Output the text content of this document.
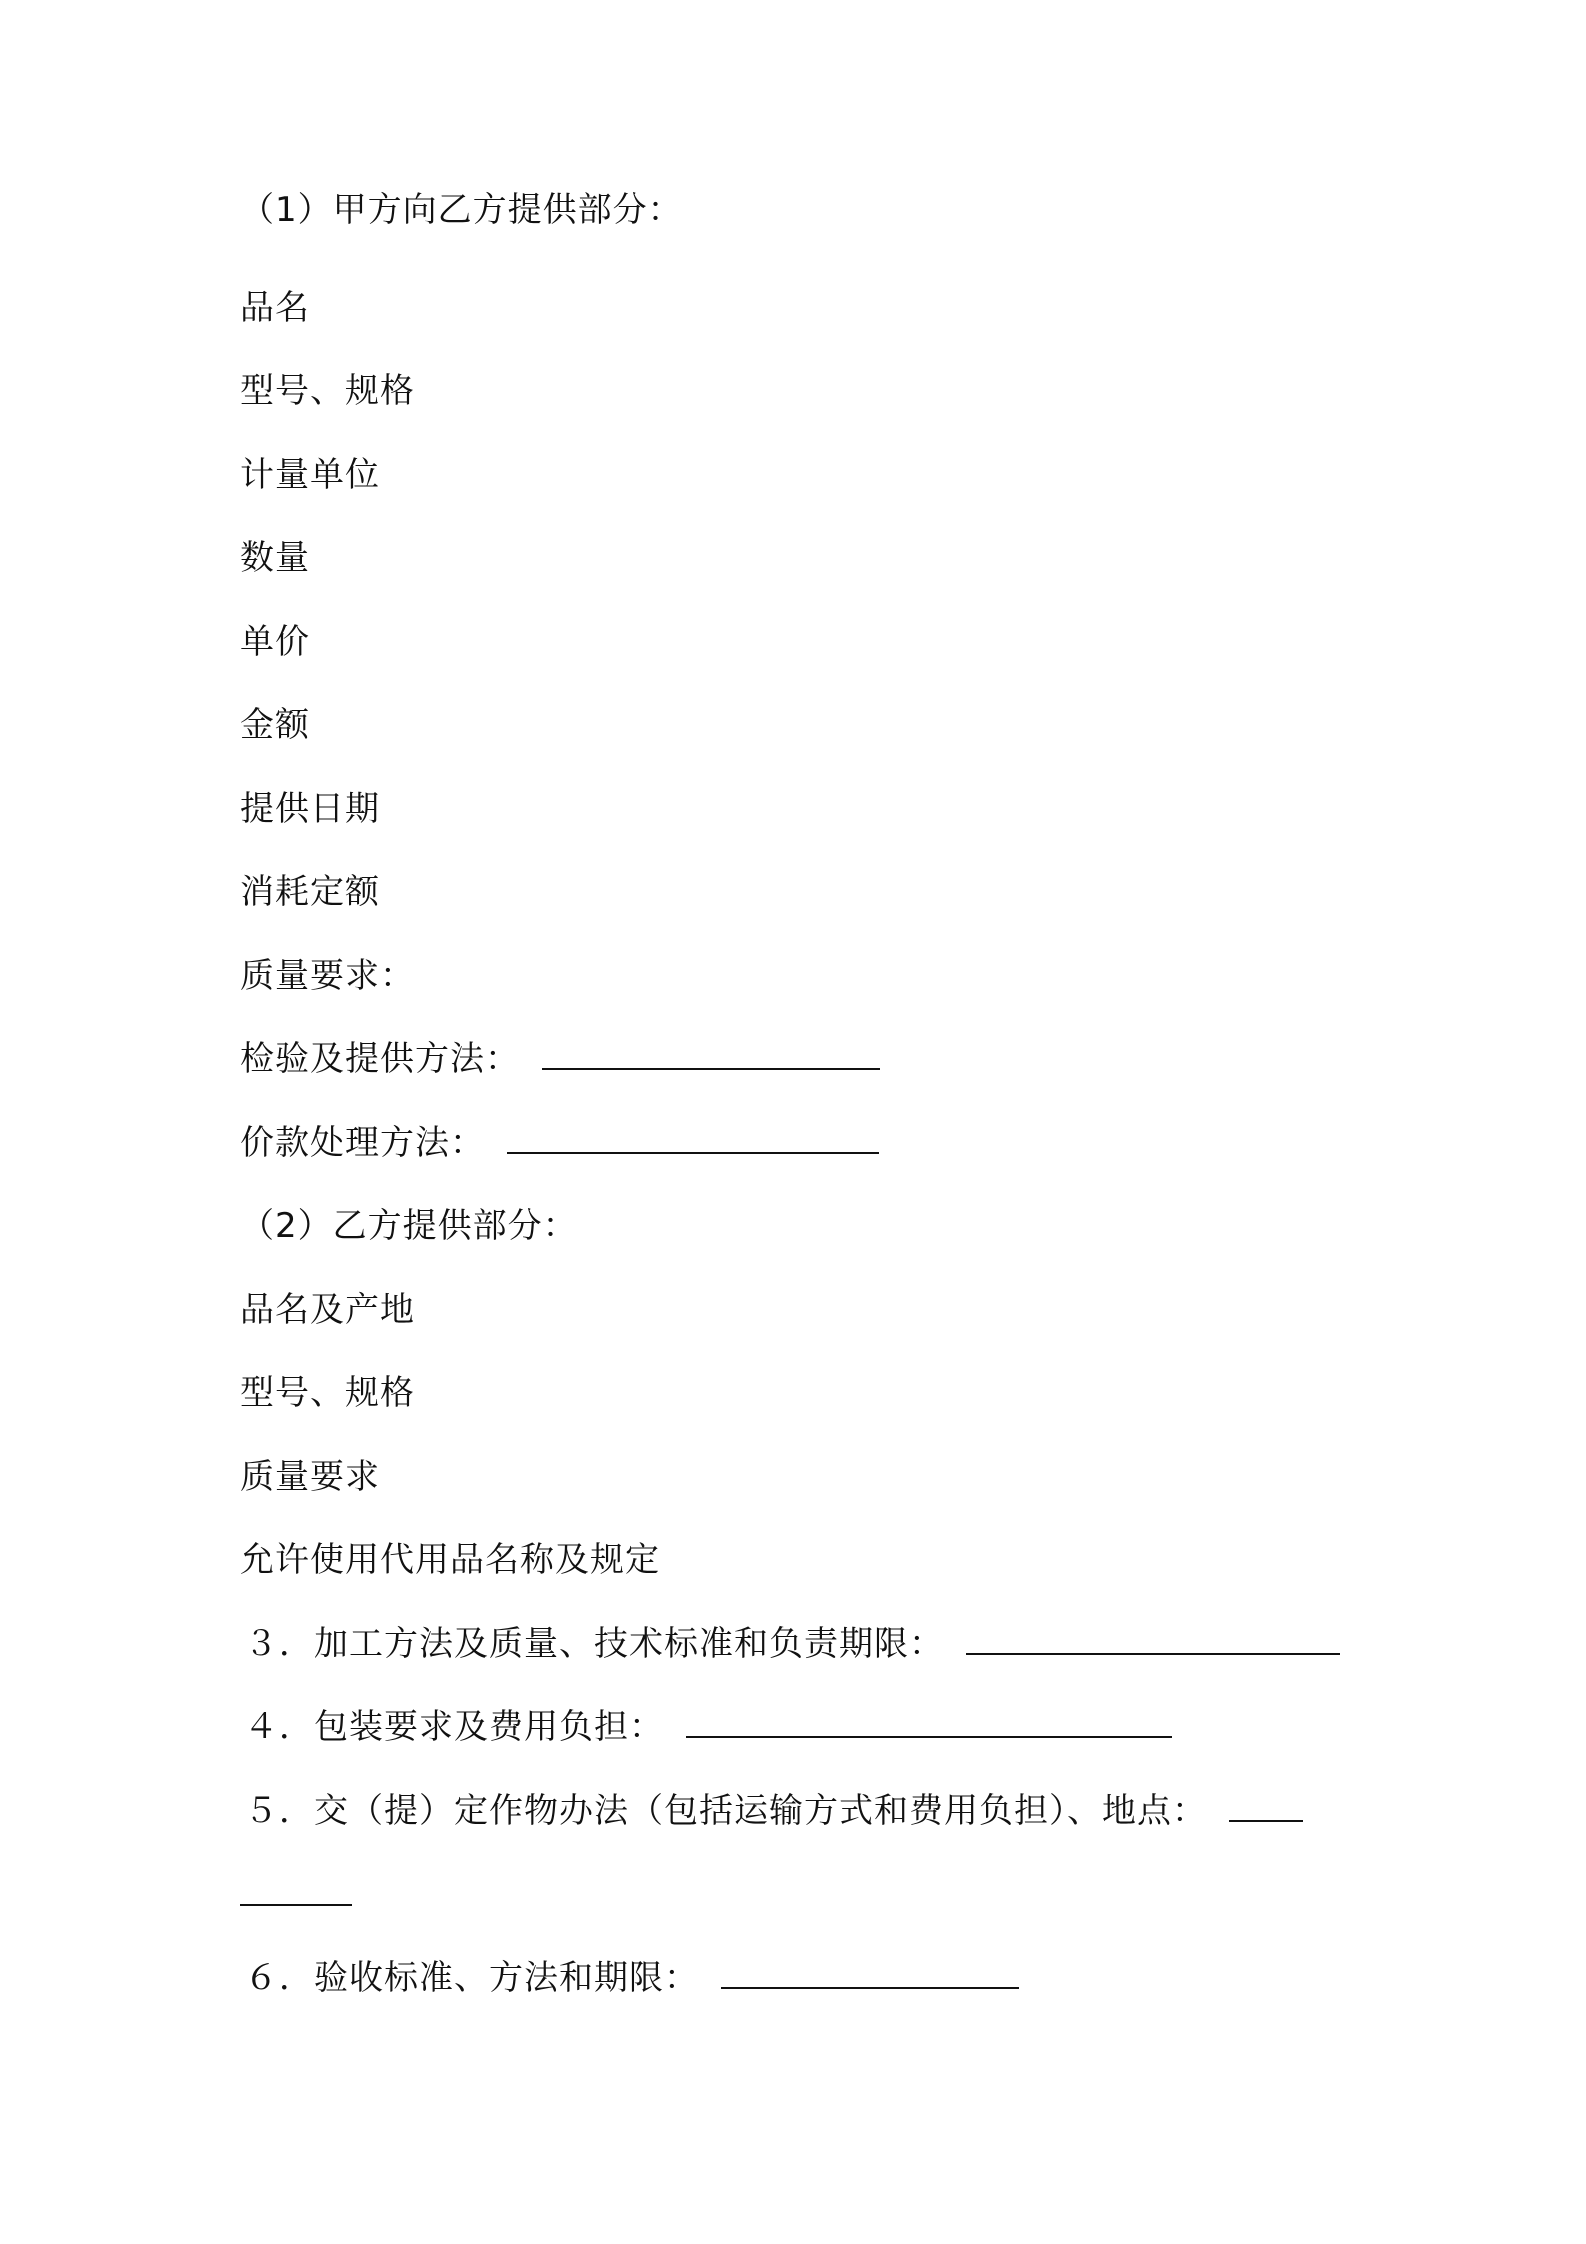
（1）甲方向乙方提供部分：
品名
型号、规格
计量单位
数量
单价
金额
提供日期
消耗定额
质量要求：
检验及提供方法：
价款处理方法：
（2）乙方提供部分：
品名及产地
型号、规格
质量要求
允许使用代用品名称及规定
３．加工方法及质量、技术标准和负责期限：
４．包装要求及费用负担：
５．交（提）定作物办法（包括运输方式和费用负担）、地点：
６．验收标准、方法和期限：
